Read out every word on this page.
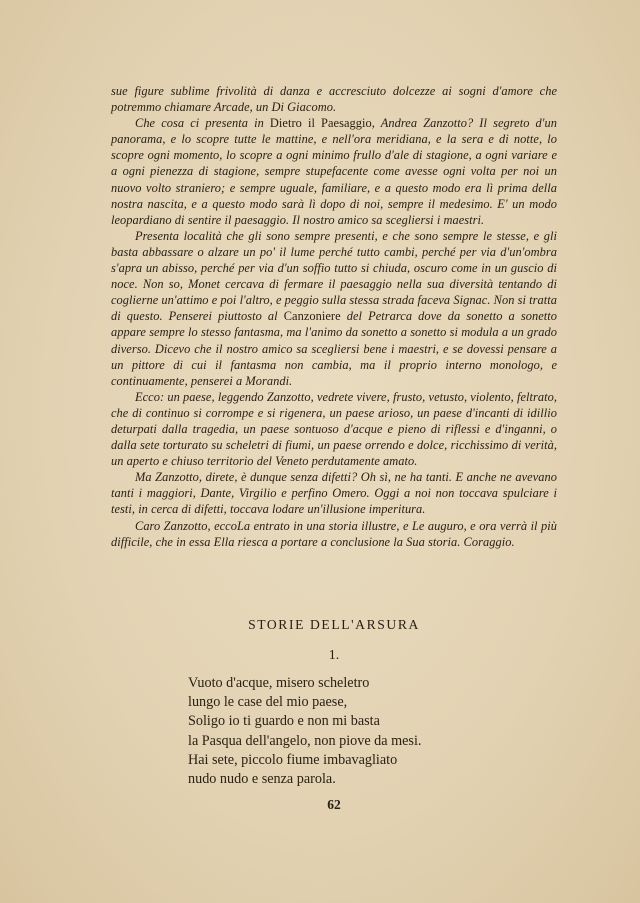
sue figure sublime frivolità di danza e accresciuto dolcezze ai sogni d'amore che potremmo chiamare Arcade, un Di Giacomo.

Che cosa ci presenta in Dietro il Paesaggio, Andrea Zanzotto? Il segreto d'un panorama, e lo scopre tutte le mattine, e nell'ora meridiana, e la sera e di notte, lo scopre ogni momento, lo scopre a ogni minimo frullo d'ale di stagione, a ogni variare e a ogni pienezza di stagione, sempre stupefacente come avesse ogni volta per noi un nuovo volto straniero; e sempre uguale, familiare, e a questo modo era lì prima della nostra nascita, e a questo modo sarà lì dopo di noi, sempre il medesimo. E' un modo leopardiano di sentire il paesaggio. Il nostro amico sa scegliersi i maestri.

Presenta località che gli sono sempre presenti, e che sono sempre le stesse, e gli basta abbassare o alzare un po' il lume perché tutto cambi, perché per via d'un'ombra s'apra un abisso, perché per via d'un soffio tutto si chiuda, oscuro come in un guscio di noce. Non so, Monet cercava di fermare il paesaggio nella sua diversità tentando di coglierne un'attimo e poi l'altro, e peggio sulla stessa strada faceva Signac. Non si tratta di questo. Penserei piuttosto al Canzoniere del Petrarca dove da sonetto a sonetto appare sempre lo stesso fantasma, ma l'animo da sonetto a sonetto si modula a un grado diverso. Dicevo che il nostro amico sa scegliersi bene i maestri, e se dovessi pensare a un pittore di cui il fantasma non cambia, ma il proprio interno monologo, e continuamente, penserei a Morandi.

Ecco: un paese, leggendo Zanzotto, vedrete vivere, frusto, vetusto, violento, feltrato, che di continuo si corrompe e si rigenera, un paese arioso, un paese d'incanti di idillio deturpati dalla tragedia, un paese sontuoso d'acque e pieno di riflessi e d'inganni, o dalla sete torturato su scheletri di fiumi, un paese orrendo e dolce, ricchissimo di verità, un aperto e chiuso territorio del Veneto perdutamente amato.

Ma Zanzotto, direte, è dunque senza difetti? Oh sì, ne ha tanti. E anche ne avevano tanti i maggiori, Dante, Virgilio e perfino Omero. Oggi a noi non toccava spulciare i testi, in cerca di difetti, toccava lodare un'illusione imperitura.

Caro Zanzotto, eccoLa entrato in una storia illustre, e Le auguro, e ora verrà il più difficile, che in essa Ella riesca a portare a conclusione la Sua storia. Coraggio.

STORIE DELL'ARSURA
1.
Vuoto d'acque, misero scheletro
lungo le case del mio paese,
Soligo io ti guardo e non mi basta
la Pasqua dell'angelo, non piove da mesi.
Hai sete, piccolo fiume imbavagliato
nudo nudo e senza parola.
62
